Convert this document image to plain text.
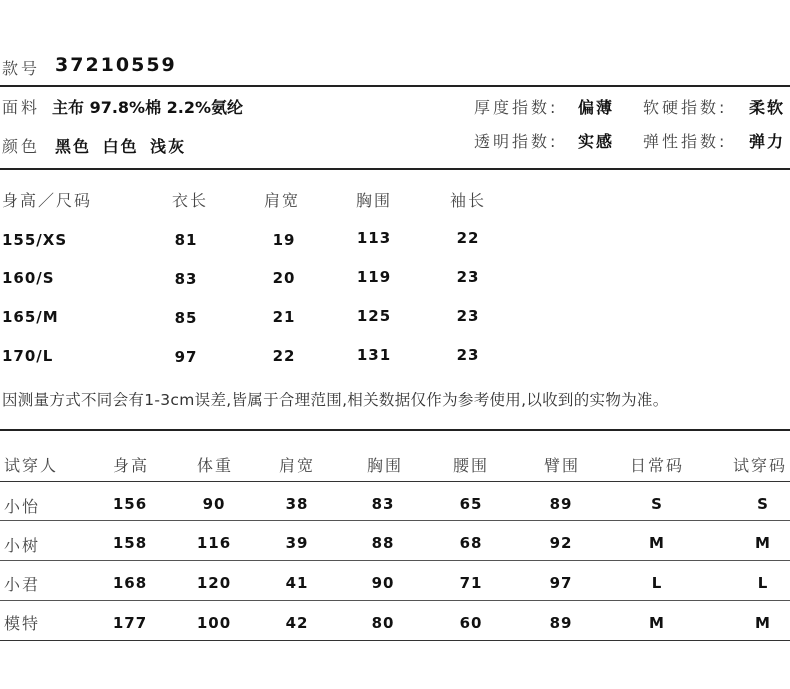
款号 37210559
面料 主布 97.8%棉 2.2%氨纶
颜色 黑色 白色 浅灰
厚度指数: 偏薄 软硬指数: 柔软
透明指数: 实感 弹性指数: 弹力
身高／尺码	衣长	肩宽	胸围	袖长
155/XS	81	19	113	22
160/S	83	20	119	23
165/M	85	21	125	23
170/L	97	22	131	23
因测量方式不同会有1-3cm误差,皆属于合理范围,相关数据仅作为参考使用,以收到的实物为准。
试穿人	身高	体重	肩宽	胸围	腰围	臂围	日常码	试穿码
小怡	156	90	38	83	65	89	S	S
小树	158	116	39	88	68	92	M	M
小君	168	120	41	90	71	97	L	L
模特	177	100	42	80	60	89	M	M
